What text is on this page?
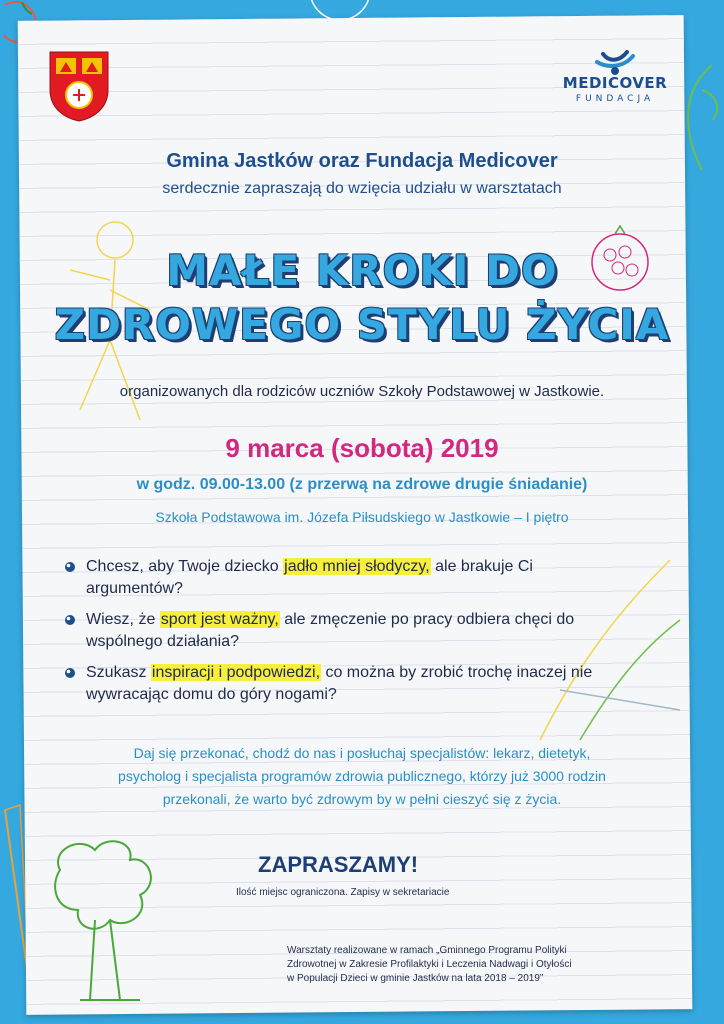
MEDICOVER
FUNDACJA
Gmina Jastków oraz Fundacja Medicover
serdecznie zapraszają do wzięcia udziału w warsztatach
MAŁE KROKI DO
ZDROWEGO STYLU ŻYCIA
organizowanych dla rodziców uczniów Szkoły Podstawowej w Jastkowie.
9 marca (sobota) 2019
w godz. 09.00-13.00 (z przerwą na zdrowe drugie śniadanie)
Szkoła Podstawowa im. Józefa Piłsudskiego w Jastkowie – I piętro
Chcesz, aby Twoje dziecko jadło mniej słodyczy, ale brakuje Ci argumentów?
Wiesz, że sport jest ważny, ale zmęczenie po pracy odbiera chęci do wspólnego działania?
Szukasz inspiracji i podpowiedzi, co można by zrobić trochę inaczej nie wywracając domu do góry nogami?
Daj się przekonać, chodź do nas i posłuchaj specjalistów: lekarz, dietetyk,
psycholog i specjalista programów zdrowia publicznego, którzy już 3000 rodzin
przekonali, że warto być zdrowym by w pełni cieszyć się z życia.
ZAPRASZAMY!
Ilość miejsc ograniczona. Zapisy w sekretariacie
Warsztaty realizowane w ramach „Gminnego Programu Polityki
Zdrowotnej w Zakresie Profilaktyki i Leczenia Nadwagi i Otyłości
w Populacji Dzieci w gminie Jastków na lata 2018 – 2019”
